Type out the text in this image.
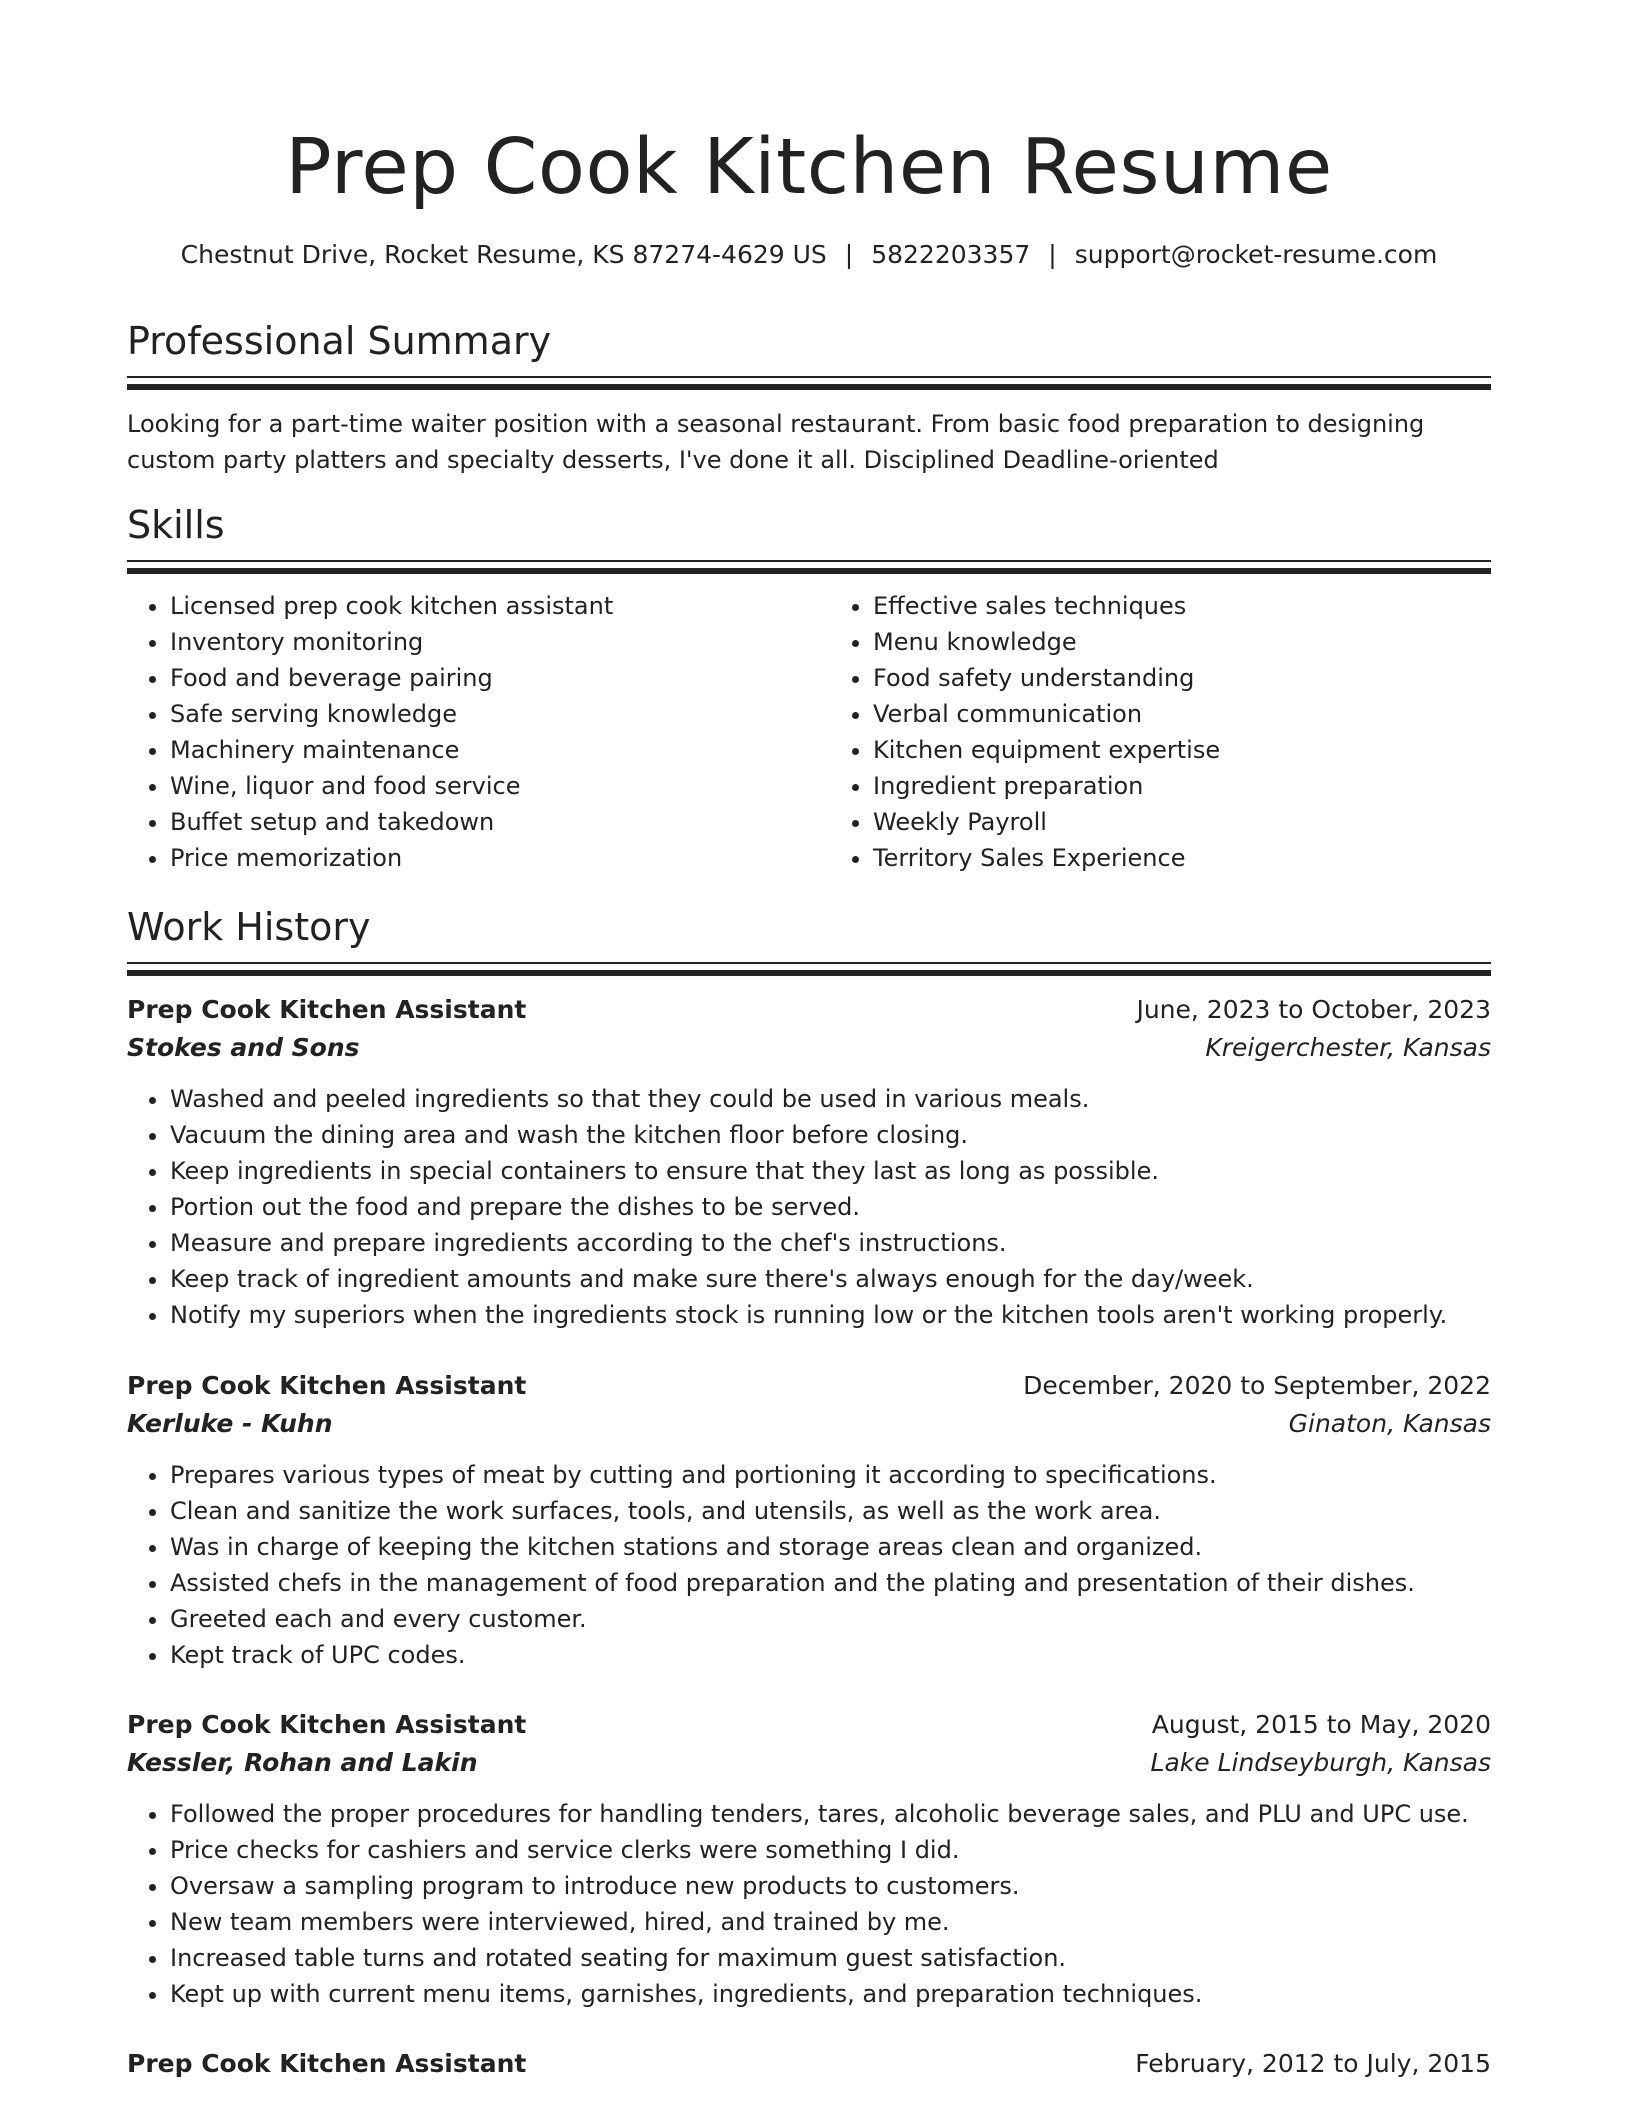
Prep Cook Kitchen Resume
Chestnut Drive, Rocket Resume, KS 87274-4629 US | 5822203357 | support@rocket-resume.com
Professional Summary
Looking for a part-time waiter position with a seasonal restaurant. From basic food preparation to designing custom party platters and specialty desserts, I've done it all. Disciplined Deadline-oriented
Skills
• Licensed prep cook kitchen assistant
• Inventory monitoring
• Food and beverage pairing
• Safe serving knowledge
• Machinery maintenance
• Wine, liquor and food service
• Buffet setup and takedown
• Price memorization
• Effective sales techniques
• Menu knowledge
• Food safety understanding
• Verbal communication
• Kitchen equipment expertise
• Ingredient preparation
• Weekly Payroll
• Territory Sales Experience
Work History
Prep Cook Kitchen Assistant	June, 2023 to October, 2023
Stokes and Sons	Kreigerchester, Kansas
• Washed and peeled ingredients so that they could be used in various meals.
• Vacuum the dining area and wash the kitchen floor before closing.
• Keep ingredients in special containers to ensure that they last as long as possible.
• Portion out the food and prepare the dishes to be served.
• Measure and prepare ingredients according to the chef's instructions.
• Keep track of ingredient amounts and make sure there's always enough for the day/week.
• Notify my superiors when the ingredients stock is running low or the kitchen tools aren't working properly.
Prep Cook Kitchen Assistant	December, 2020 to September, 2022
Kerluke - Kuhn	Ginaton, Kansas
• Prepares various types of meat by cutting and portioning it according to specifications.
• Clean and sanitize the work surfaces, tools, and utensils, as well as the work area.
• Was in charge of keeping the kitchen stations and storage areas clean and organized.
• Assisted chefs in the management of food preparation and the plating and presentation of their dishes.
• Greeted each and every customer.
• Kept track of UPC codes.
Prep Cook Kitchen Assistant	August, 2015 to May, 2020
Kessler, Rohan and Lakin	Lake Lindseyburgh, Kansas
• Followed the proper procedures for handling tenders, tares, alcoholic beverage sales, and PLU and UPC use.
• Price checks for cashiers and service clerks were something I did.
• Oversaw a sampling program to introduce new products to customers.
• New team members were interviewed, hired, and trained by me.
• Increased table turns and rotated seating for maximum guest satisfaction.
• Kept up with current menu items, garnishes, ingredients, and preparation techniques.
Prep Cook Kitchen Assistant	February, 2012 to July, 2015
